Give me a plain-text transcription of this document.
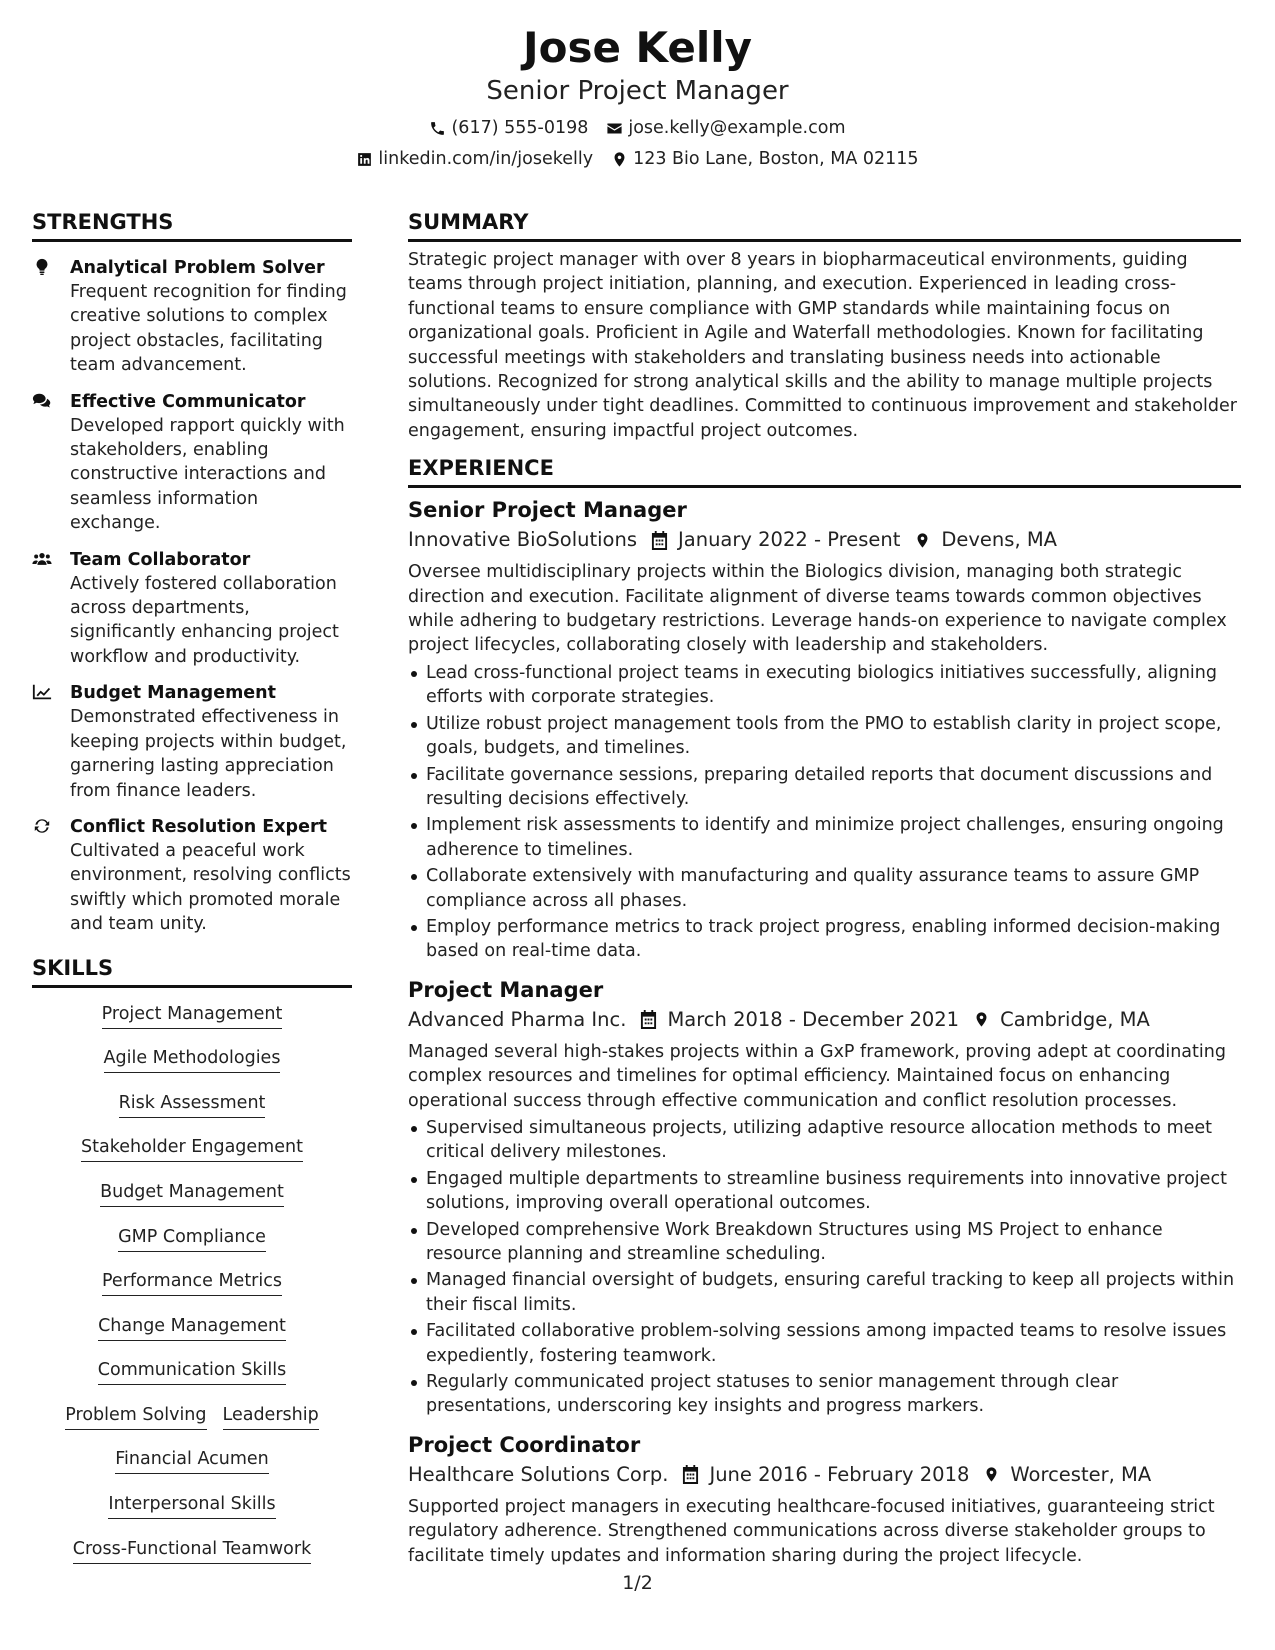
Jose Kelly
Senior Project Manager
(617) 555-0198 jose.kelly@example.com
linkedin.com/in/josekelly 123 Bio Lane, Boston, MA 02115
STRENGTHS
Analytical Problem Solver
Frequent recognition for finding creative solutions to complex project obstacles, facilitating team advancement.
Effective Communicator
Developed rapport quickly with stakeholders, enabling constructive interactions and seamless information exchange.
Team Collaborator
Actively fostered collaboration across departments, significantly enhancing project workflow and productivity.
Budget Management
Demonstrated effectiveness in keeping projects within budget, garnering lasting appreciation from finance leaders.
Conflict Resolution Expert
Cultivated a peaceful work environment, resolving conflicts swiftly which promoted morale and team unity.
SKILLS
Project Management
Agile Methodologies
Risk Assessment
Stakeholder Engagement
Budget Management
GMP Compliance
Performance Metrics
Change Management
Communication Skills
Problem Solving Leadership
Financial Acumen
Interpersonal Skills
Cross-Functional Teamwork
SUMMARY

Strategic project manager with over 8 years in biopharmaceutical environments, guiding teams through project initiation, planning, and execution. Experienced in leading cross-functional teams to ensure compliance with GMP standards while maintaining focus on organizational goals. Proficient in Agile and Waterfall methodologies. Known for facilitating successful meetings with stakeholders and translating business needs into actionable solutions. Recognized for strong analytical skills and the ability to manage multiple projects simultaneously under tight deadlines. Committed to continuous improvement and stakeholder engagement, ensuring impactful project outcomes.

EXPERIENCE
Senior Project Manager
Innovative BioSolutions January 2022 - Present Devens, MA
Oversee multidisciplinary projects within the Biologics division, managing both strategic direction and execution. Facilitate alignment of diverse teams towards common objectives while adhering to budgetary restrictions. Leverage hands-on experience to navigate complex project lifecycles, collaborating closely with leadership and stakeholders.
Lead cross-functional project teams in executing biologics initiatives successfully, aligning efforts with corporate strategies.
Utilize robust project management tools from the PMO to establish clarity in project scope, goals, budgets, and timelines.
Facilitate governance sessions, preparing detailed reports that document discussions and resulting decisions effectively.
Implement risk assessments to identify and minimize project challenges, ensuring ongoing adherence to timelines.
Collaborate extensively with manufacturing and quality assurance teams to assure GMP compliance across all phases.
Employ performance metrics to track project progress, enabling informed decision-making based on real-time data.
Project Manager
Advanced Pharma Inc. March 2018 - December 2021 Cambridge, MA
Managed several high-stakes projects within a GxP framework, proving adept at coordinating complex resources and timelines for optimal efficiency. Maintained focus on enhancing operational success through effective communication and conflict resolution processes.
Supervised simultaneous projects, utilizing adaptive resource allocation methods to meet critical delivery milestones.
Engaged multiple departments to streamline business requirements into innovative project solutions, improving overall operational outcomes.
Developed comprehensive Work Breakdown Structures using MS Project to enhance resource planning and streamline scheduling.
Managed financial oversight of budgets, ensuring careful tracking to keep all projects within their fiscal limits.
Facilitated collaborative problem-solving sessions among impacted teams to resolve issues expediently, fostering teamwork.
Regularly communicated project statuses to senior management through clear presentations, underscoring key insights and progress markers.
Project Coordinator
Healthcare Solutions Corp. June 2016 - February 2018 Worcester, MA
Supported project managers in executing healthcare-focused initiatives, guaranteeing strict regulatory adherence. Strengthened communications across diverse stakeholder groups to facilitate timely updates and information sharing during the project lifecycle.
1/2
